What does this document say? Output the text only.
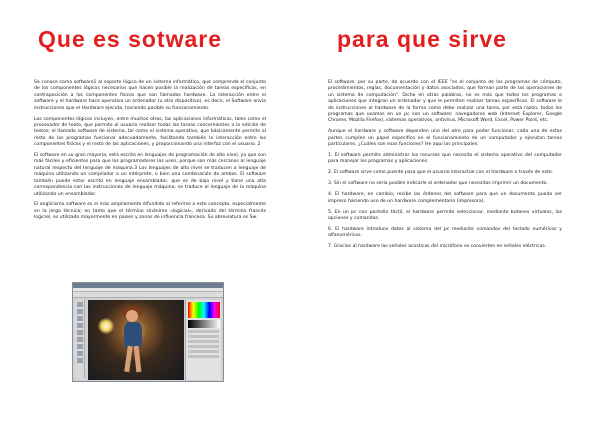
Que es sotware

Se conoce como software1 al soporte lógico de un sistema informático, que comprende el conjunto de los componentes lógicos necesarios que hacen posible la realización de tareas específicas, en contraposición a los componentes físicos que son llamados hardware. La interacción entre el software y el hardware hace operativo un ordenador (u otro dispositivo), es decir, el Software envía instrucciones que el Hardware ejecuta, haciendo posible su funcionamiento.

Los componentes lógicos incluyen, entre muchos otros, las aplicaciones informáticas, tales como el procesador de texto, que permite al usuario realizar todas las tareas concernientes a la edición de textos; el llamado software de sistema, tal como el sistema operativo, que básicamente permite al resto de los programas funcionar adecuadamente, facilitando también la interacción entre los componentes físicos y el resto de las aplicaciones, y proporcionando una interfaz con el usuario. 2

El software en su gran mayoría, está escrito en lenguajes de programación de alto nivel, ya que son más fáciles y eficientes para que los programadores los usen, porque son más cercanos al lenguaje natural respecto del lenguaje de máquina.3 Los lenguajes de alto nivel se traducen a lenguaje de máquina utilizando un compilador o un intérprete, o bien una combinación de ambos. El software también puede estar escrito en lenguaje ensamblador, que es de bajo nivel y tiene una alta correspondencia con las instrucciones de lenguaje máquina; se traduce al lenguaje de la máquina utilizando un ensamblador.

El anglicismo software es el más ampliamente difundido al referirse a este concepto, especialmente en la jerga técnica; en tanto que el término sinónimo «logicial», derivado del término francés logiciel, es utilizado mayormente en países y zonas de influencia francesa. Su abreviatura es Sw.

para que sirve

El software, por su parte, de acuerdo con el IEEE "es el conjunto de los programas de cómputo, procedimientos, reglas, documentación y datos asociados, que forman parte de las operaciones de un sistema de computación". Dicho en otras palabras, no es más que todos los programas o aplicaciones que integran un ordenador y que le permiten realizar tareas específicas. El software le da instrucciones al hardware de la forma como debe realizar una tarea, por esta razón, todos los programas que usamos en un pc son un software: navegadores web (Internet Explorer, Google Chrome, Mozilla Firefox), sistemas operativos, antivirus, Microsoft Word, Excel, Power Point, etc.

Aunque el hardware y software dependen uno del otro para poder funcionar, cada una de estas partes cumplen un papel específico en el funcionamiento de un computador y ejecutan tareas particulares. ¿Cuáles son esas funciones? He aquí las principales:

1. El software permite administrar los recursos que necesita el sistema operativo del computador para manejar los programas y aplicaciones.

2. El software sirve como puente para que el usuario interactúe con el hardware a través de este.

3. Sin el software no sería posible indicarle al ordenador que necesitas imprimir un documento.

4. El hardware, en cambio, recibe las órdenes del software para que un documento pueda ser impreso haciendo uso de un hardware complementario (impresora).

5. En un pc con pantalla táctil, el hardware permite seleccionar, mediante botones virtuales, las opciones y comandos.

6. El hardware introduce datos al sistema del pc mediante comandos del teclado numéricos y alfanuméricos.

7. Gracias al hardware las señales acústicas del micrófono se convierten en señales eléctricas.
